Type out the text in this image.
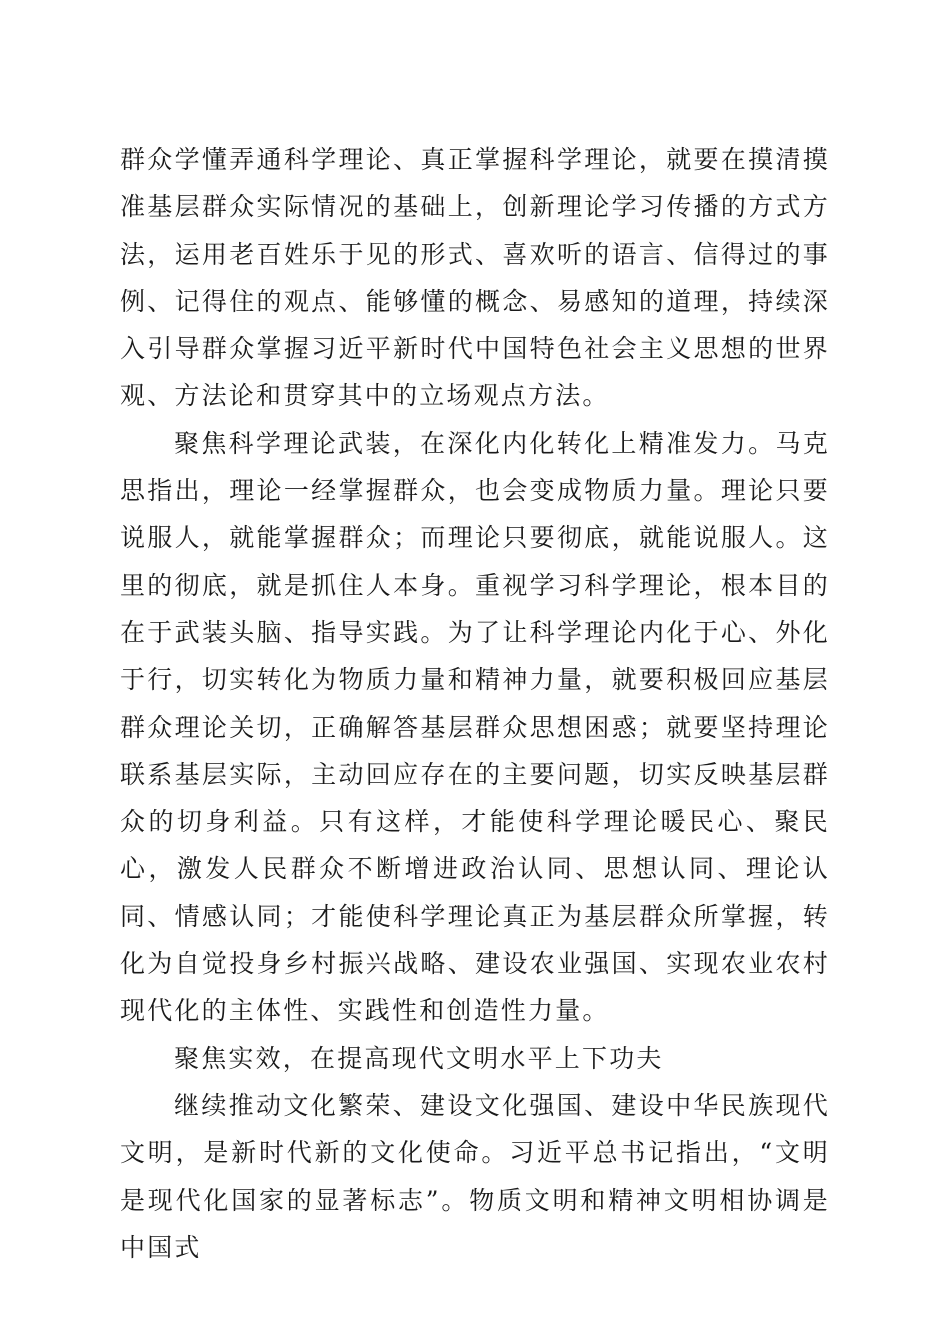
群众学懂弄通科学理论、真正掌握科学理论，就要在摸清摸准基层群众实际情况的基础上，创新理论学习传播的方式方法，运用老百姓乐于见的形式、喜欢听的语言、信得过的事例、记得住的观点、能够懂的概念、易感知的道理，持续深入引导群众掌握习近平新时代中国特色社会主义思想的世界观、方法论和贯穿其中的立场观点方法。

聚焦科学理论武装，在深化内化转化上精准发力。马克思指出，理论一经掌握群众，也会变成物质力量。理论只要说服人，就能掌握群众；而理论只要彻底，就能说服人。这里的彻底，就是抓住人本身。重视学习科学理论，根本目的在于武装头脑、指导实践。为了让科学理论内化于心、外化于行，切实转化为物质力量和精神力量，就要积极回应基层群众理论关切，正确解答基层群众思想困惑；就要坚持理论联系基层实际，主动回应存在的主要问题，切实反映基层群众的切身利益。只有这样，才能使科学理论暖民心、聚民心，激发人民群众不断增进政治认同、思想认同、理论认同、情感认同；才能使科学理论真正为基层群众所掌握，转化为自觉投身乡村振兴战略、建设农业强国、实现农业农村现代化的主体性、实践性和创造性力量。

聚焦实效，在提高现代文明水平上下功夫

继续推动文化繁荣、建设文化强国、建设中华民族现代文明，是新时代新的文化使命。习近平总书记指出，“文明是现代化国家的显著标志”。物质文明和精神文明相协调是中国式
